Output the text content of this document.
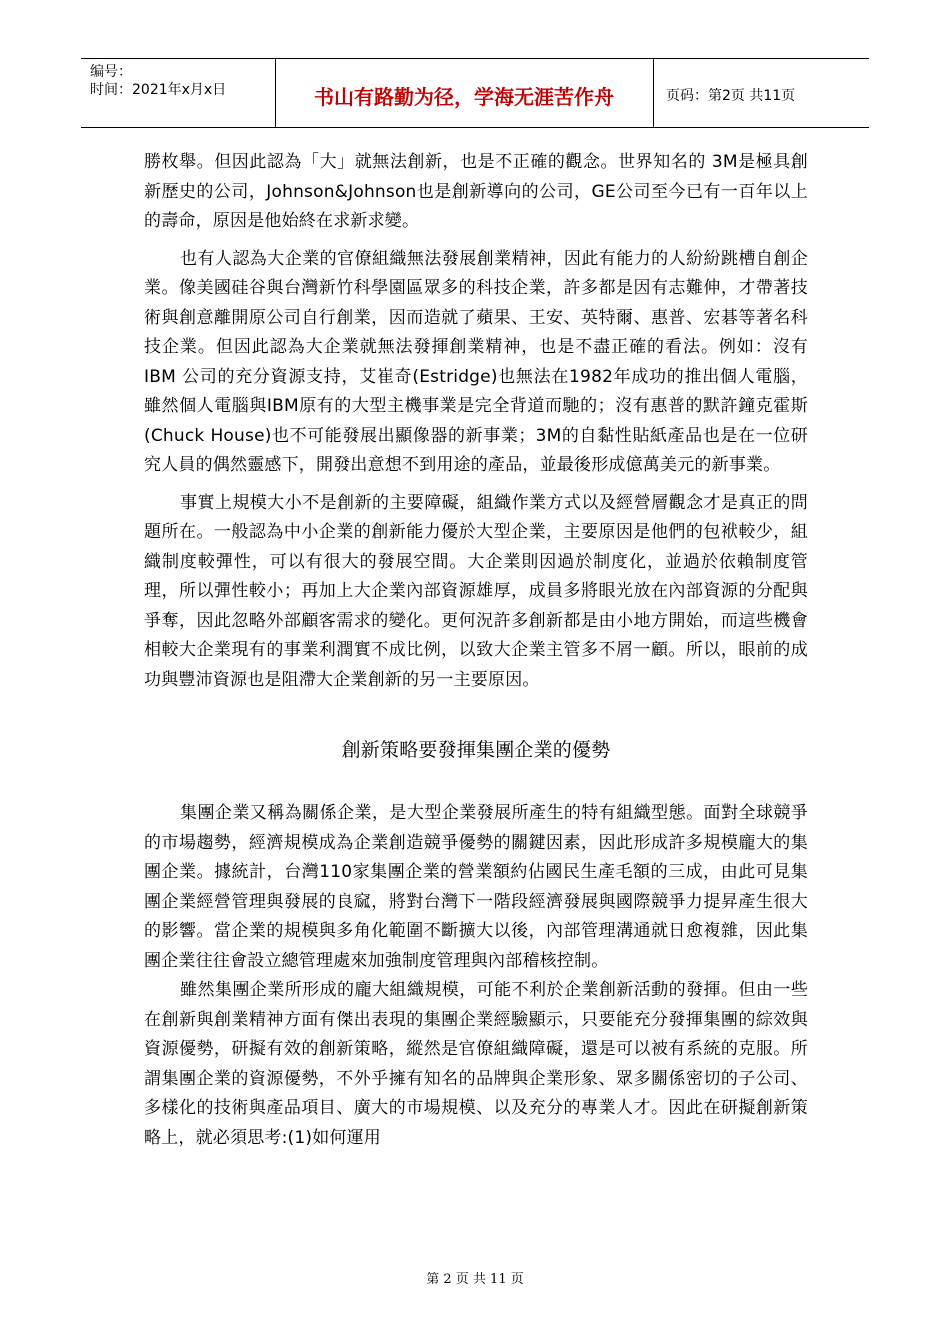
编号：
时间：2021年x月x日	书山有路勤为径，学海无涯苦作舟	页码：第2页 共11页

勝枚舉。但因此認為「大」就無法創新，也是不正確的觀念。世界知名的 3M是極具創新歷史的公司，Johnson&Johnson也是創新導向的公司，GE公司至今已有一百年以上的壽命，原因是他始終在求新求變。

也有人認為大企業的官僚組織無法發展創業精神，因此有能力的人紛紛跳槽自創企業。像美國硅谷與台灣新竹科學園區眾多的科技企業，許多都是因有志難伸，才帶著技術與創意離開原公司自行創業，因而造就了蘋果、王安、英特爾、惠普、宏碁等著名科技企業。但因此認為大企業就無法發揮創業精神，也是不盡正確的看法。例如：沒有 IBM 公司的充分資源支持，艾崔奇(Estridge)也無法在1982年成功的推出個人電腦，雖然個人電腦與IBM原有的大型主機事業是完全背道而馳的；沒有惠普的默許鐘克霍斯(Chuck House)也不可能發展出顯像器的新事業；3M的自黏性貼紙產品也是在一位研究人員的偶然靈感下，開發出意想不到用途的產品，並最後形成億萬美元的新事業。

事實上規模大小不是創新的主要障礙，組織作業方式以及經營層觀念才是真正的問題所在。一般認為中小企業的創新能力優於大型企業，主要原因是他們的包袱較少，組織制度較彈性，可以有很大的發展空間。大企業則因過於制度化，並過於依賴制度管理，所以彈性較小；再加上大企業內部資源雄厚，成員多將眼光放在內部資源的分配與爭奪，因此忽略外部顧客需求的變化。更何況許多創新都是由小地方開始，而這些機會相較大企業現有的事業利潤實不成比例，以致大企業主管多不屑一顧。所以，眼前的成功與豐沛資源也是阻滯大企業創新的另一主要原因。

創新策略要發揮集團企業的優勢

集團企業又稱為關係企業，是大型企業發展所產生的特有組織型態。面對全球競爭的市場趨勢，經濟規模成為企業創造競爭優勢的關鍵因素，因此形成許多規模龐大的集團企業。據統計，台灣110家集團企業的營業額約佔國民生產毛額的三成，由此可見集團企業經營管理與發展的良窳，將對台灣下一階段經濟發展與國際競爭力提昇產生很大的影響。當企業的規模與多角化範圍不斷擴大以後，內部管理溝通就日愈複雜，因此集團企業往往會設立總管理處來加強制度管理與內部稽核控制。

雖然集團企業所形成的龐大組織規模，可能不利於企業創新活動的發揮。但由一些在創新與創業精神方面有傑出表現的集團企業經驗顯示，只要能充分發揮集團的綜效與資源優勢，研擬有效的創新策略，縱然是官僚組織障礙，還是可以被有系統的克服。所謂集團企業的資源優勢，不外乎擁有知名的品牌與企業形象、眾多關係密切的子公司、多樣化的技術與產品項目、廣大的市場規模、以及充分的專業人才。因此在研擬創新策略上，就必須思考:(1)如何運用

第 2 页 共 11 页
